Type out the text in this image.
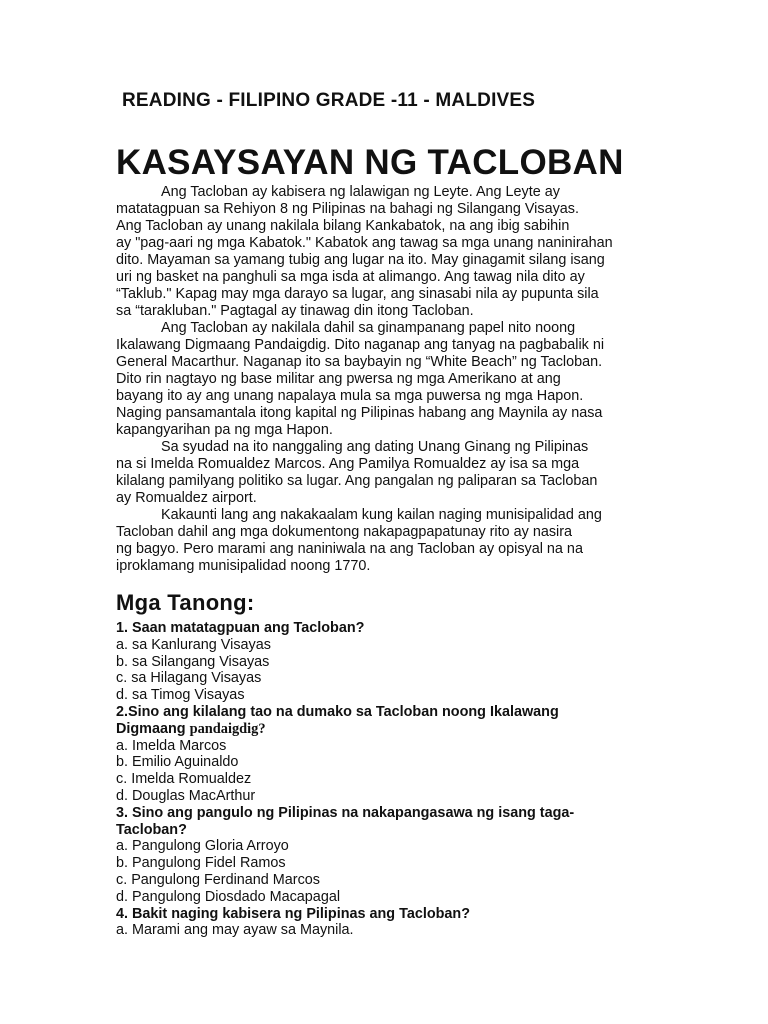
READING - FILIPINO GRADE -11 - MALDIVES
KASAYSAYAN NG TACLOBAN

Ang Tacloban ay kabisera ng lalawigan ng Leyte. Ang Leyte ay
matatagpuan sa Rehiyon 8 ng Pilipinas na bahagi ng Silangang Visayas.
Ang Tacloban ay unang nakilala bilang Kankabatok, na ang ibig sabihin
ay "pag-aari ng mga Kabatok." Kabatok ang tawag sa mga unang naninirahan
dito. Mayaman sa yamang tubig ang lugar na ito. May ginagamit silang isang
uri ng basket na panghuli sa mga isda at alimango. Ang tawag nila dito ay
“Taklub." Kapag may mga darayo sa lugar, ang sinasabi nila ay pupunta sila
sa “tarakluban." Pagtagal ay tinawag din itong Tacloban.

Ang Tacloban ay nakilala dahil sa ginampanang papel nito noong
Ikalawang Digmaang Pandaigdig. Dito naganap ang tanyag na pagbabalik ni
General Macarthur. Naganap ito sa baybayin ng “White Beach” ng Tacloban.
Dito rin nagtayo ng base militar ang pwersa ng mga Amerikano at ang
bayang ito ay ang unang napalaya mula sa mga puwersa ng mga Hapon.
Naging pansamantala itong kapital ng Pilipinas habang ang Maynila ay nasa
kapangyarihan pa ng mga Hapon.

Sa syudad na ito nanggaling ang dating Unang Ginang ng Pilipinas
na si Imelda Romualdez Marcos. Ang Pamilya Romualdez ay isa sa mga
kilalang pamilyang politiko sa lugar. Ang pangalan ng paliparan sa Tacloban
ay Romualdez airport.

Kakaunti lang ang nakakaalam kung kailan naging munisipalidad ang
Tacloban dahil ang mga dokumentong nakapagpapatunay rito ay nasira
ng bagyo. Pero marami ang naniniwala na ang Tacloban ay opisyal na na
iproklamang munisipalidad noong 1770.

Mga Tanong:
1. Saan matatagpuan ang Tacloban?
a. sa Kanlurang Visayas
b. sa Silangang Visayas
c. sa Hilagang Visayas
d. sa Timog Visayas
2.Sino ang kilalang tao na dumako sa Tacloban noong Ikalawang
Digmaang pandaigdig?
a. Imelda Marcos
b. Emilio Aguinaldo
c. Imelda Romualdez
d. Douglas MacArthur
3. Sino ang pangulo ng Pilipinas na nakapangasawa ng isang taga-
Tacloban?
a. Pangulong Gloria Arroyo
b. Pangulong Fidel Ramos
c. Pangulong Ferdinand Marcos
d. Pangulong Diosdado Macapagal
4. Bakit naging kabisera ng Pilipinas ang Tacloban?
a. Marami ang may ayaw sa Maynila.
